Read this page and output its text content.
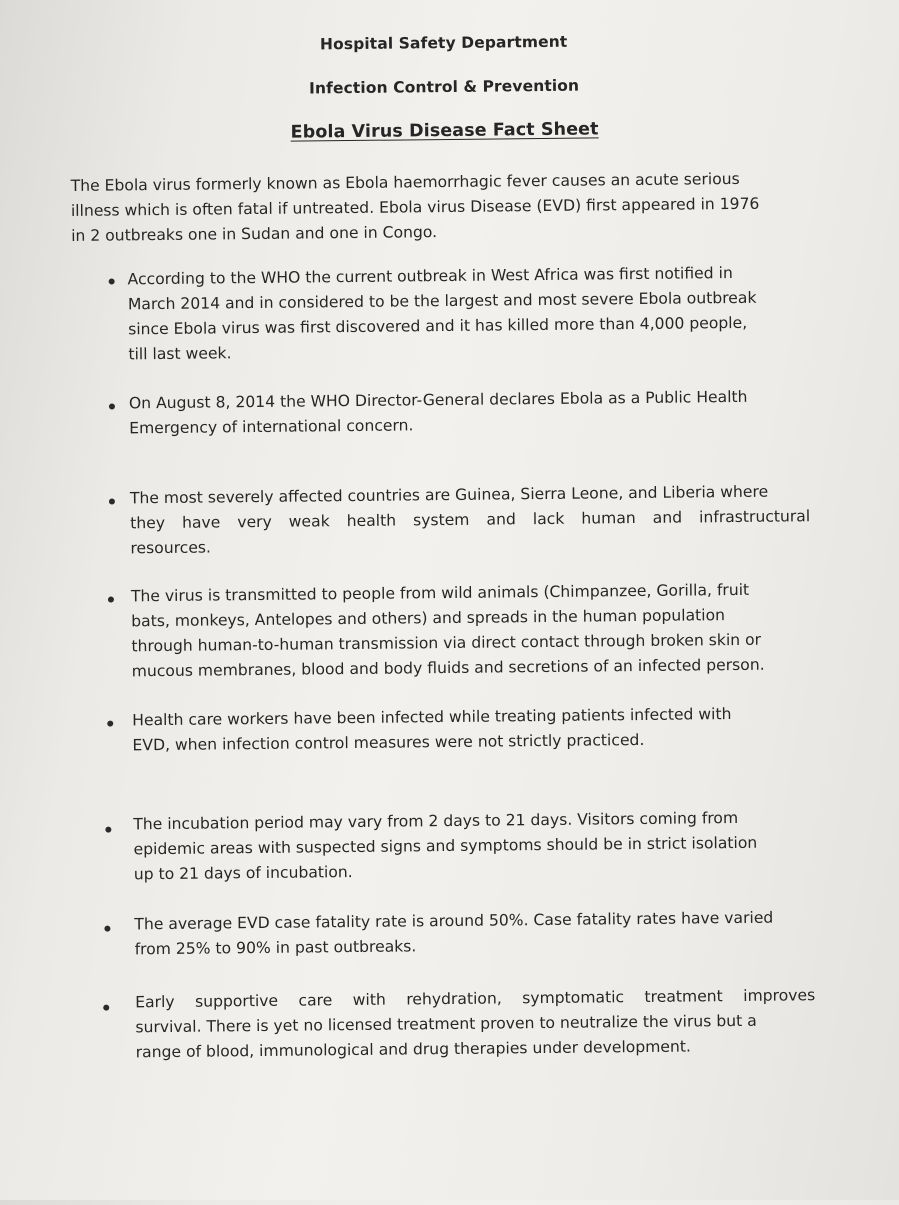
Hospital Safety Department
Infection Control & Prevention
Ebola Virus Disease Fact Sheet
The Ebola virus formerly known as Ebola haemorrhagic fever causes an acute serious
illness which is often fatal if untreated. Ebola virus Disease (EVD) first appeared in 1976
in 2 outbreaks one in Sudan and one in Congo.
According to the WHO the current outbreak in West Africa was first notified in
March 2014 and in considered to be the largest and most severe Ebola outbreak
since Ebola virus was first discovered and it has killed more than 4,000 people,
till last week.
On August 8, 2014 the WHO Director-General declares Ebola as a Public Health
Emergency of international concern.
The most severely affected countries are Guinea, Sierra Leone, and Liberia where
they have very weak health system and lack human and infrastructural
resources.
The virus is transmitted to people from wild animals (Chimpanzee, Gorilla, fruit
bats, monkeys, Antelopes and others) and spreads in the human population
through human-to-human transmission via direct contact through broken skin or
mucous membranes, blood and body fluids and secretions of an infected person.
Health care workers have been infected while treating patients infected with
EVD, when infection control measures were not strictly practiced.
The incubation period may vary from 2 days to 21 days. Visitors coming from
epidemic areas with suspected signs and symptoms should be in strict isolation
up to 21 days of incubation.
The average EVD case fatality rate is around 50%. Case fatality rates have varied
from 25% to 90% in past outbreaks.
Early supportive care with rehydration, symptomatic treatment improves
survival. There is yet no licensed treatment proven to neutralize the virus but a
range of blood, immunological and drug therapies under development.
